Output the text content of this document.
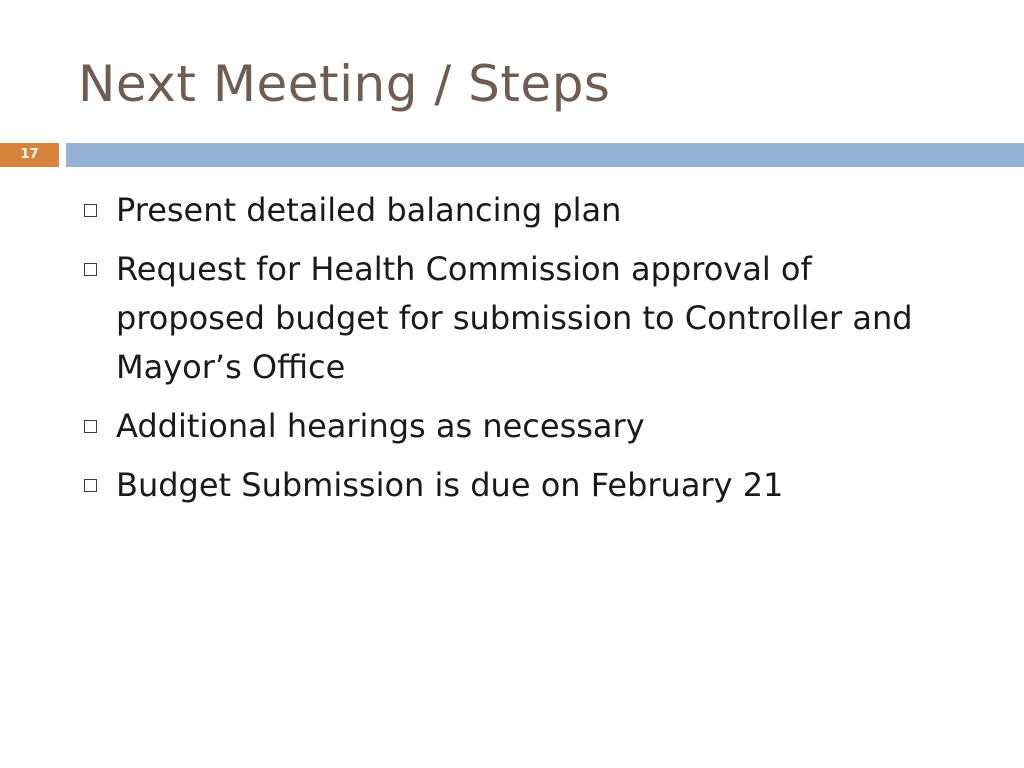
Next Meeting / Steps
17
Present detailed balancing plan
Request for Health Commission approval of proposed budget for submission to Controller and Mayor’s Office
Additional hearings as necessary
Budget Submission is due on February 21
